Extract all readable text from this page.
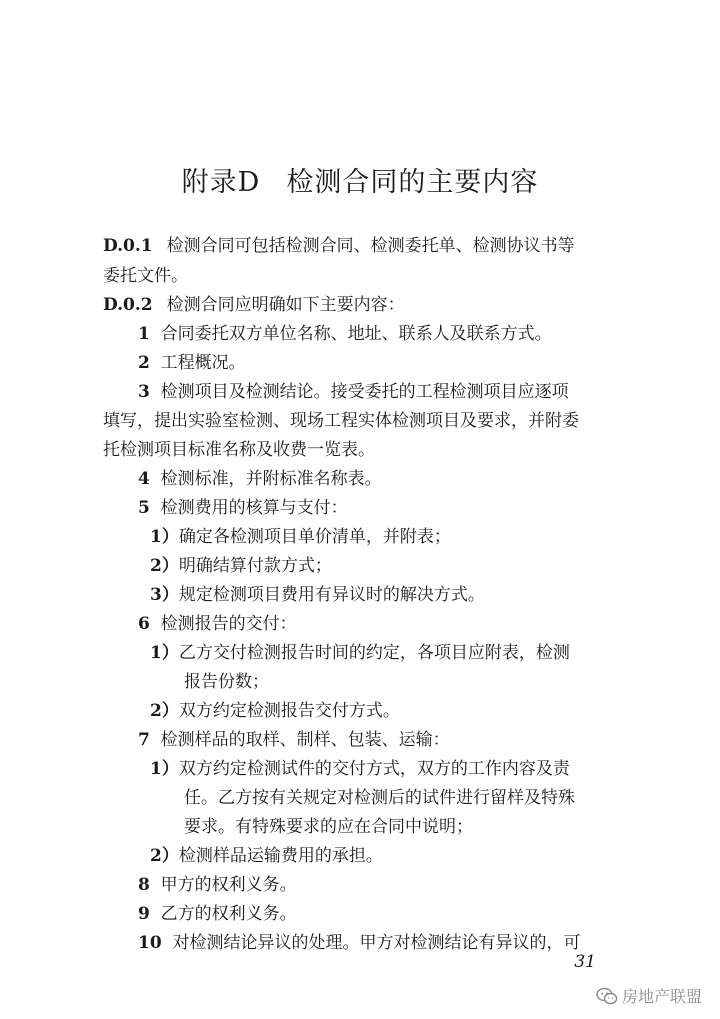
附录D 检测合同的主要内容
D.0.1 检测合同可包括检测合同、检测委托单、检测协议书等
委托文件。
D.0.2 检测合同应明确如下主要内容：
1 合同委托双方单位名称、地址、联系人及联系方式。
2 工程概况。
3 检测项目及检测结论。接受委托的工程检测项目应逐项
填写，提出实验室检测、现场工程实体检测项目及要求，并附委
托检测项目标准名称及收费一览表。
4 检测标准，并附标准名称表。
5 检测费用的核算与支付：
1）确定各检测项目单价清单，并附表；
2）明确结算付款方式；
3）规定检测项目费用有异议时的解决方式。
6 检测报告的交付：
1）乙方交付检测报告时间的约定，各项目应附表，检测
报告份数；
2）双方约定检测报告交付方式。
7 检测样品的取样、制样、包装、运输：
1）双方约定检测试件的交付方式，双方的工作内容及责
任。乙方按有关规定对检测后的试件进行留样及特殊
要求。有特殊要求的应在合同中说明；
2）检测样品运输费用的承担。
8 甲方的权利义务。
9 乙方的权利义务。
10 对检测结论异议的处理。甲方对检测结论有异议的，可
31
房地产联盟
